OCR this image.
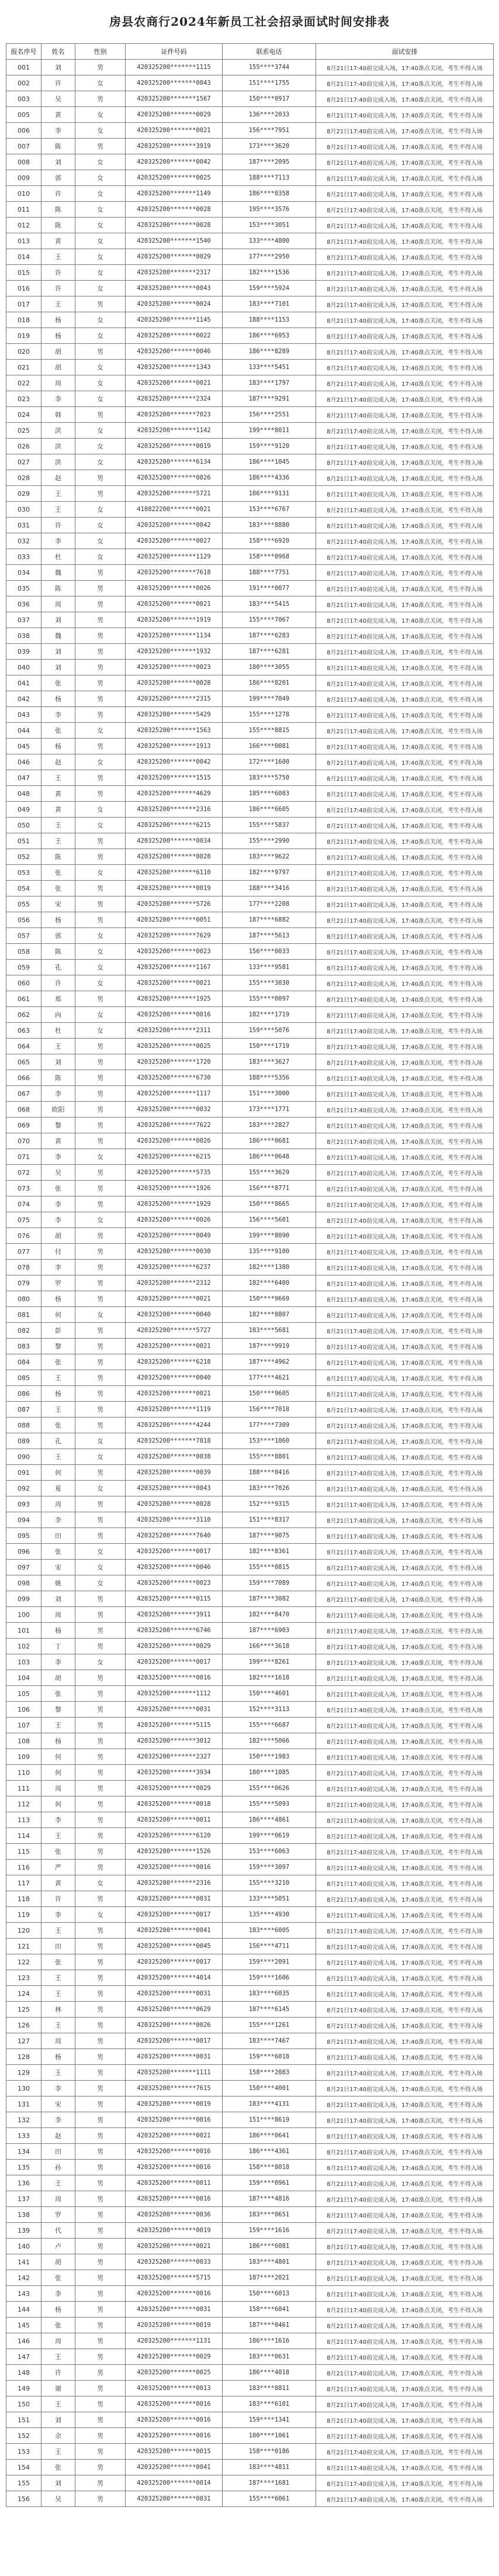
房县农商行2024年新员工社会招录面试时间安排表
报名序号	姓名	性别	证件号码	联系电话	面试安排
001	刘	男	420325200*******1115	155****3744	8月21日17:40前完成入场，17:40准点关闭，考生不得入场
002	许	女	420325200*******0043	151****1755	8月21日17:40前完成入场，17:40准点关闭，考生不得入场
003	吴	男	420325200*******1567	150****0917	8月21日17:40前完成入场，17:40准点关闭，考生不得入场
005	黄	女	420325200*******0029	136****2033	8月21日17:40前完成入场，17:40准点关闭，考生不得入场
006	李	女	420325200*******0021	156****7951	8月21日17:40前完成入场，17:40准点关闭，考生不得入场
007	陈	男	420325200*******3919	173****3620	8月21日17:40前完成入场，17:40准点关闭，考生不得入场
008	刘	女	420325200*******0042	187****2095	8月21日17:40前完成入场，17:40准点关闭，考生不得入场
009	郭	女	420325200*******0025	188****7113	8月21日17:40前完成入场，17:40准点关闭，考生不得入场
010	许	女	420325200*******1149	186****0358	8月21日17:40前完成入场，17:40准点关闭，考生不得入场
011	陈	女	420325200*******0028	195****3576	8月21日17:40前完成入场，17:40准点关闭，考生不得入场
012	陈	女	420325200*******0028	153****3051	8月21日17:40前完成入场，17:40准点关闭，考生不得入场
013	黄	女	420325200*******1540	133****4800	8月21日17:40前完成入场，17:40准点关闭，考生不得入场
014	王	女	420325200*******0029	177****2950	8月21日17:40前完成入场，17:40准点关闭，考生不得入场
015	许	女	420325200*******2317	182****1536	8月21日17:40前完成入场，17:40准点关闭，考生不得入场
016	许	女	420325200*******0043	159****5924	8月21日17:40前完成入场，17:40准点关闭，考生不得入场
017	王	男	420325200*******0024	183****7101	8月21日17:40前完成入场，17:40准点关闭，考生不得入场
018	杨	女	420325200*******1145	188****1153	8月21日17:40前完成入场，17:40准点关闭，考生不得入场
019	杨	女	420325200*******0022	186****6953	8月21日17:40前完成入场，17:40准点关闭，考生不得入场
020	胡	男	420325200*******0046	186****8289	8月21日17:40前完成入场，17:40准点关闭，考生不得入场
021	胡	女	420325200*******1343	133****5451	8月21日17:40前完成入场，17:40准点关闭，考生不得入场
022	周	女	420325200*******0021	183****1797	8月21日17:40前完成入场，17:40准点关闭，考生不得入场
023	李	女	420325200*******2324	187****9291	8月21日17:40前完成入场，17:40准点关闭，考生不得入场
024	韩	男	420325200*******7023	156****2551	8月21日17:40前完成入场，17:40准点关闭，考生不得入场
025	洪	女	420325200*******1142	199****8011	8月21日17:40前完成入场，17:40准点关闭，考生不得入场
026	洪	女	420325200*******0019	159****9120	8月21日17:40前完成入场，17:40准点关闭，考生不得入场
027	洪	女	420325200*******6134	186****1045	8月21日17:40前完成入场，17:40准点关闭，考生不得入场
028	赵	男	420325200*******0026	186****4336	8月21日17:40前完成入场，17:40准点关闭，考生不得入场
029	王	男	420325200*******5721	186****9131	8月21日17:40前完成入场，17:40准点关闭，考生不得入场
030	王	女	410822200*******0021	153****6767	8月21日17:40前完成入场，17:40准点关闭，考生不得入场
031	许	女	420325200*******0042	183****8880	8月21日17:40前完成入场，17:40准点关闭，考生不得入场
032	李	女	420325200*******0027	158****6920	8月21日17:40前完成入场，17:40准点关闭，考生不得入场
033	杜	女	420325200*******1129	158****0968	8月21日17:40前完成入场，17:40准点关闭，考生不得入场
034	魏	男	420325200*******7618	188****7751	8月21日17:40前完成入场，17:40准点关闭，考生不得入场
035	陈	男	420325200*******0026	191****0077	8月21日17:40前完成入场，17:40准点关闭，考生不得入场
036	周	男	420325200*******0021	183****5415	8月21日17:40前完成入场，17:40准点关闭，考生不得入场
037	刘	男	420325200*******1919	155****7067	8月21日17:40前完成入场，17:40准点关闭，考生不得入场
038	魏	男	420325200*******1134	187****6283	8月21日17:40前完成入场，17:40准点关闭，考生不得入场
039	刘	男	420325200*******1932	187****6281	8月21日17:40前完成入场，17:40准点关闭，考生不得入场
040	刘	男	420325200*******0023	180****3055	8月21日17:40前完成入场，17:40准点关闭，考生不得入场
041	张	男	420325200*******0028	186****8201	8月21日17:40前完成入场，17:40准点关闭，考生不得入场
042	杨	男	420325200*******2315	199****7049	8月21日17:40前完成入场，17:40准点关闭，考生不得入场
043	李	男	420325200*******5429	155****1278	8月21日17:40前完成入场，17:40准点关闭，考生不得入场
044	张	女	420325200*******1563	155****8815	8月21日17:40前完成入场，17:40准点关闭，考生不得入场
045	杨	男	420325200*******1913	166****0081	8月21日17:40前完成入场，17:40准点关闭，考生不得入场
046	赵	女	420325200*******0042	172****1600	8月21日17:40前完成入场，17:40准点关闭，考生不得入场
047	王	男	420325200*******1515	183****5750	8月21日17:40前完成入场，17:40准点关闭，考生不得入场
048	黄	男	420325200*******4629	185****6083	8月21日17:40前完成入场，17:40准点关闭，考生不得入场
049	黄	女	420325200*******2316	186****6605	8月21日17:40前完成入场，17:40准点关闭，考生不得入场
050	王	女	420325200*******6215	155****5837	8月21日17:40前完成入场，17:40准点关闭，考生不得入场
051	王	男	420325200*******0034	155****2990	8月21日17:40前完成入场，17:40准点关闭，考生不得入场
052	陈	男	420325200*******0028	183****9622	8月21日17:40前完成入场，17:40准点关闭，考生不得入场
053	张	女	420325200*******6110	182****9797	8月21日17:40前完成入场，17:40准点关闭，考生不得入场
054	张	男	420325200*******0019	188****3416	8月21日17:40前完成入场，17:40准点关闭，考生不得入场
055	宋	男	420325200*******5726	177****2208	8月21日17:40前完成入场，17:40准点关闭，考生不得入场
056	杨	男	420325200*******0051	187****6882	8月21日17:40前完成入场，17:40准点关闭，考生不得入场
057	郭	女	420325200*******7629	187****5613	8月21日17:40前完成入场，17:40准点关闭，考生不得入场
058	陈	女	420325200*******0023	156****0033	8月21日17:40前完成入场，17:40准点关闭，考生不得入场
059	孔	女	420325200*******1167	133****9581	8月21日17:40前完成入场，17:40准点关闭，考生不得入场
060	许	女	420325200*******0021	155****3030	8月21日17:40前完成入场，17:40准点关闭，考生不得入场
061	郑	男	420325200*******1925	155****0097	8月21日17:40前完成入场，17:40准点关闭，考生不得入场
062	向	女	420325200*******0016	182****1719	8月21日17:40前完成入场，17:40准点关闭，考生不得入场
063	杜	女	420325200*******2311	159****5076	8月21日17:40前完成入场，17:40准点关闭，考生不得入场
064	王	男	420325200*******0025	150****1719	8月21日17:40前完成入场，17:40准点关闭，考生不得入场
065	刘	男	420325200*******1720	183****3627	8月21日17:40前完成入场，17:40准点关闭，考生不得入场
066	陈	男	420325200*******6730	188****5356	8月21日17:40前完成入场，17:40准点关闭，考生不得入场
067	李	男	420325200*******1117	151****3000	8月21日17:40前完成入场，17:40准点关闭，考生不得入场
068	欧阳	男	420325200*******0032	173****1771	8月21日17:40前完成入场，17:40准点关闭，考生不得入场
069	黎	男	420325200*******7622	183****2827	8月21日17:40前完成入场，17:40准点关闭，考生不得入场
070	黄	男	420325200*******0026	186****0681	8月21日17:40前完成入场，17:40准点关闭，考生不得入场
071	李	女	420325200*******6215	186****0648	8月21日17:40前完成入场，17:40准点关闭，考生不得入场
072	吴	男	420325200*******5735	155****3629	8月21日17:40前完成入场，17:40准点关闭，考生不得入场
073	张	男	420325200*******1926	156****8771	8月21日17:40前完成入场，17:40准点关闭，考生不得入场
074	李	男	420325200*******1929	150****8665	8月21日17:40前完成入场，17:40准点关闭，考生不得入场
075	李	女	420325200*******0026	156****5601	8月21日17:40前完成入场，17:40准点关闭，考生不得入场
076	胡	男	420325200*******0049	199****8090	8月21日17:40前完成入场，17:40准点关闭，考生不得入场
077	付	男	420325200*******0030	135****9100	8月21日17:40前完成入场，17:40准点关闭，考生不得入场
078	李	男	420325200*******6237	182****1380	8月21日17:40前完成入场，17:40准点关闭，考生不得入场
079	罗	男	420325200*******2312	182****6400	8月21日17:40前完成入场，17:40准点关闭，考生不得入场
080	杨	男	420325200*******0021	150****9669	8月21日17:40前完成入场，17:40准点关闭，考生不得入场
081	何	女	420325200*******0040	182****8807	8月21日17:40前完成入场，17:40准点关闭，考生不得入场
082	彭	男	420325200*******5727	183****5681	8月21日17:40前完成入场，17:40准点关闭，考生不得入场
083	黎	男	420325200*******0021	187****9919	8月21日17:40前完成入场，17:40准点关闭，考生不得入场
084	张	男	420325200*******6218	187****4962	8月21日17:40前完成入场，17:40准点关闭，考生不得入场
085	王	男	420325200*******0040	177****4621	8月21日17:40前完成入场，17:40准点关闭，考生不得入场
086	杨	男	420325200*******0021	150****9605	8月21日17:40前完成入场，17:40准点关闭，考生不得入场
087	王	男	420325200*******1119	156****7018	8月21日17:40前完成入场，17:40准点关闭，考生不得入场
088	张	男	420325200*******4244	177****7309	8月21日17:40前完成入场，17:40准点关闭，考生不得入场
089	孔	女	420325200*******7818	153****1060	8月21日17:40前完成入场，17:40准点关闭，考生不得入场
090	王	女	420325200*******0038	155****8801	8月21日17:40前完成入场，17:40准点关闭，考生不得入场
091	何	男	420325200*******0039	188****0416	8月21日17:40前完成入场，17:40准点关闭，考生不得入场
092	夏	女	420325200*******0043	183****7026	8月21日17:40前完成入场，17:40准点关闭，考生不得入场
093	周	男	420325200*******0028	152****9315	8月21日17:40前完成入场，17:40准点关闭，考生不得入场
094	李	男	420325200*******3110	151****8317	8月21日17:40前完成入场，17:40准点关闭，考生不得入场
095	田	男	420325200*******7640	187****9075	8月21日17:40前完成入场，17:40准点关闭，考生不得入场
096	张	女	420325200*******0017	182****8361	8月21日17:40前完成入场，17:40准点关闭，考生不得入场
097	宋	女	420325200*******0046	155****0815	8月21日17:40前完成入场，17:40准点关闭，考生不得入场
098	姚	女	420325200*******0023	159****7089	8月21日17:40前完成入场，17:40准点关闭，考生不得入场
099	刘	男	420325200*******0115	187****3082	8月21日17:40前完成入场，17:40准点关闭，考生不得入场
100	周	男	420325200*******3911	182****8470	8月21日17:40前完成入场，17:40准点关闭，考生不得入场
101	杨	男	420325200*******6746	187****6903	8月21日17:40前完成入场，17:40准点关闭，考生不得入场
102	丁	男	420325200*******0029	166****3618	8月21日17:40前完成入场，17:40准点关闭，考生不得入场
103	李	女	420325200*******0017	199****8261	8月21日17:40前完成入场，17:40准点关闭，考生不得入场
104	胡	男	420325200*******0016	182****1618	8月21日17:40前完成入场，17:40准点关闭，考生不得入场
105	张	男	420325200*******1112	150****4601	8月21日17:40前完成入场，17:40准点关闭，考生不得入场
106	黎	男	420325200*******0031	152****3113	8月21日17:40前完成入场，17:40准点关闭，考生不得入场
107	王	男	420325200*******5115	155****6687	8月21日17:40前完成入场，17:40准点关闭，考生不得入场
108	杨	男	420325200*******3012	182****5066	8月21日17:40前完成入场，17:40准点关闭，考生不得入场
109	何	男	420325200*******2327	150****1983	8月21日17:40前完成入场，17:40准点关闭，考生不得入场
110	何	男	420325200*******3934	180****1085	8月21日17:40前完成入场，17:40准点关闭，考生不得入场
111	周	男	420325200*******0029	155****0626	8月21日17:40前完成入场，17:40准点关闭，考生不得入场
112	何	男	420325200*******0018	155****5093	8月21日17:40前完成入场，17:40准点关闭，考生不得入场
113	李	男	420325200*******0011	186****4861	8月21日17:40前完成入场，17:40准点关闭，考生不得入场
114	王	男	420325200*******6120	199****0619	8月21日17:40前完成入场，17:40准点关闭，考生不得入场
115	张	男	420325200*******1526	153****6063	8月21日17:40前完成入场，17:40准点关闭，考生不得入场
116	严	男	420325200*******0016	159****3097	8月21日17:40前完成入场，17:40准点关闭，考生不得入场
117	黄	女	420325200*******2316	155****3210	8月21日17:40前完成入场，17:40准点关闭，考生不得入场
118	许	男	420325200*******0031	133****5051	8月21日17:40前完成入场，17:40准点关闭，考生不得入场
119	李	女	420325200*******0017	135****4930	8月21日17:40前完成入场，17:40准点关闭，考生不得入场
120	王	男	420325200*******0041	183****6005	8月21日17:40前完成入场，17:40准点关闭，考生不得入场
121	田	男	420325200*******0045	156****4711	8月21日17:40前完成入场，17:40准点关闭，考生不得入场
122	张	男	420325200*******0017	159****2091	8月21日17:40前完成入场，17:40准点关闭，考生不得入场
123	王	男	420325200*******4014	159****1606	8月21日17:40前完成入场，17:40准点关闭，考生不得入场
124	王	男	420325200*******0031	183****6035	8月21日17:40前完成入场，17:40准点关闭，考生不得入场
125	林	男	420325200*******0629	187****6145	8月21日17:40前完成入场，17:40准点关闭，考生不得入场
126	王	男	420325200*******0026	155****1261	8月21日17:40前完成入场，17:40准点关闭，考生不得入场
127	周	男	420325200*******0017	183****7467	8月21日17:40前完成入场，17:40准点关闭，考生不得入场
128	杨	男	420325200*******0031	159****6018	8月21日17:40前完成入场，17:40准点关闭，考生不得入场
129	王	男	420325200*******1111	158****2083	8月21日17:40前完成入场，17:40准点关闭，考生不得入场
130	李	男	420325200*******7615	150****4001	8月21日17:40前完成入场，17:40准点关闭，考生不得入场
131	宋	男	420325200*******0019	183****4131	8月21日17:40前完成入场，17:40准点关闭，考生不得入场
132	李	男	420325200*******0016	151****8619	8月21日17:40前完成入场，17:40准点关闭，考生不得入场
133	赵	男	420325200*******0021	186****0641	8月21日17:40前完成入场，17:40准点关闭，考生不得入场
134	田	男	420325200*******0016	186****4361	8月21日17:40前完成入场，17:40准点关闭，考生不得入场
135	孙	男	420325200*******0016	158****8018	8月21日17:40前完成入场，17:40准点关闭，考生不得入场
136	王	男	420325200*******0011	159****0961	8月21日17:40前完成入场，17:40准点关闭，考生不得入场
137	周	男	420325200*******0016	187****4816	8月21日17:40前完成入场，17:40准点关闭，考生不得入场
138	罗	男	420325200*******0036	183****0651	8月21日17:40前完成入场，17:40准点关闭，考生不得入场
139	代	男	420325200*******0019	159****1616	8月21日17:40前完成入场，17:40准点关闭，考生不得入场
140	卢	男	420325200*******0021	186****6081	8月21日17:40前完成入场，17:40准点关闭，考生不得入场
141	胡	男	420325200*******0033	183****4801	8月21日17:40前完成入场，17:40准点关闭，考生不得入场
142	张	男	420325200*******5715	187****2021	8月21日17:40前完成入场，17:40准点关闭，考生不得入场
143	李	男	420325200*******0016	150****6013	8月21日17:40前完成入场，17:40准点关闭，考生不得入场
144	杨	男	420325200*******0031	158****6041	8月21日17:40前完成入场，17:40准点关闭，考生不得入场
145	张	男	420325200*******0019	187****0461	8月21日17:40前完成入场，17:40准点关闭，考生不得入场
146	周	男	420325200*******1131	186****1616	8月21日17:40前完成入场，17:40准点关闭，考生不得入场
147	王	男	420325200*******0029	183****0631	8月21日17:40前完成入场，17:40准点关闭，考生不得入场
148	许	男	420325200*******0025	186****4018	8月21日17:40前完成入场，17:40准点关闭，考生不得入场
149	谢	男	420325200*******0013	183****8811	8月21日17:40前完成入场，17:40准点关闭，考生不得入场
150	王	男	420325200*******0016	183****6101	8月21日17:40前完成入场，17:40准点关闭，考生不得入场
151	刘	男	420325200*******0016	159****1341	8月21日17:40前完成入场，17:40准点关闭，考生不得入场
152	余	男	420325200*******0016	180****1061	8月21日17:40前完成入场，17:40准点关闭，考生不得入场
153	王	男	420325200*******0015	158****0186	8月21日17:40前完成入场，17:40准点关闭，考生不得入场
154	张	男	420325200*******0041	183****4811	8月21日17:40前完成入场，17:40准点关闭，考生不得入场
155	刘	男	420325200*******0014	187****1681	8月21日17:40前完成入场，17:40准点关闭，考生不得入场
156	吴	男	420325200*******0031	155****6061	8月21日17:40前完成入场，17:40准点关闭，考生不得入场
